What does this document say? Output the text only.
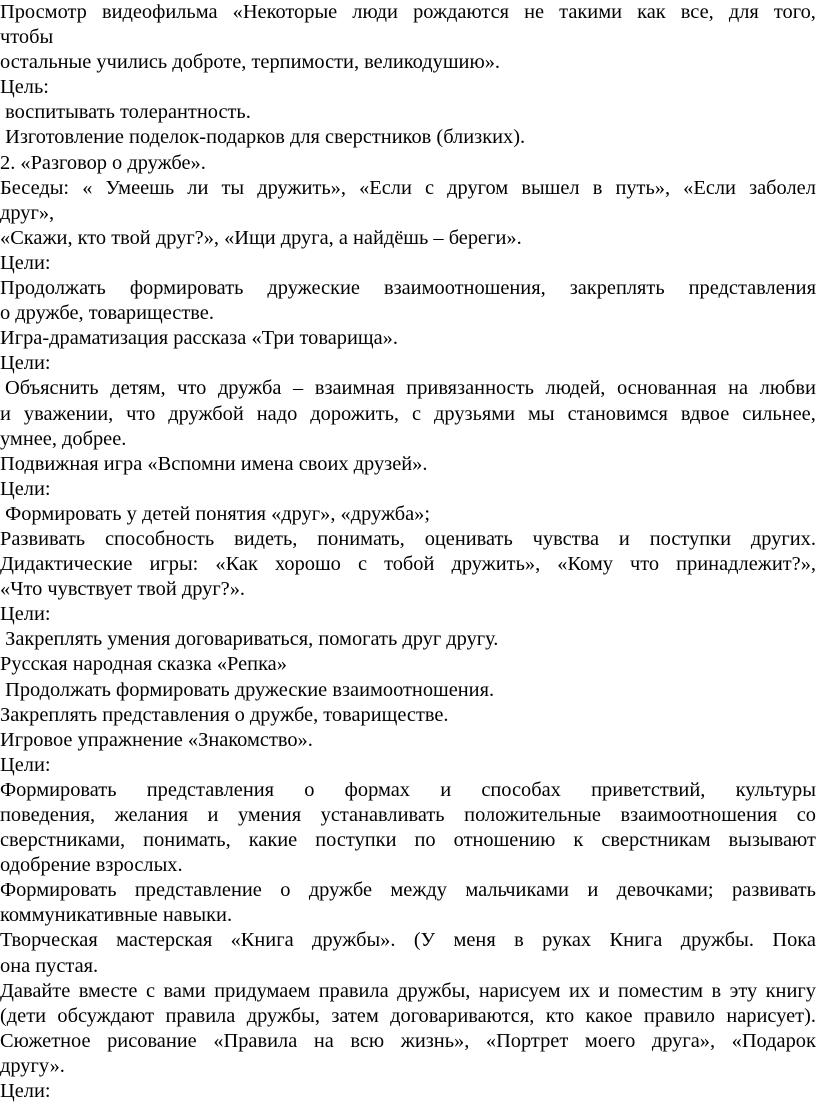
Просмотр видеофильма «Некоторые люди рождаются не такими как все, для того,
чтобы
остальные учились доброте, терпимости, великодушию».
Цель:
воспитывать толерантность.
Изготовление поделок-подарков для сверстников (близких).
2. «Разговор о дружбе».
Беседы: « Умеешь ли ты дружить», «Если с другом вышел в путь», «Если заболел
друг»,
«Скажи, кто твой друг?», «Ищи друга, а найдёшь – береги».
Цели:
Продолжать формировать дружеские взаимоотношения, закреплять представления
о дружбе, товариществе.
Игра-драматизация рассказа «Три товарища».
Цели:
Объяснить детям, что дружба – взаимная привязанность людей, основанная на любви
и уважении, что дружбой надо дорожить, с друзьями мы становимся вдвое сильнее,
умнее, добрее.
Подвижная игра «Вспомни имена своих друзей».
Цели:
Формировать у детей понятия «друг», «дружба»;
Развивать способность видеть, понимать, оценивать чувства и поступки других.
Дидактические игры: «Как хорошо с тобой дружить», «Кому что принадлежит?»,
«Что чувствует твой друг?».
Цели:
Закреплять умения договариваться, помогать друг другу.
Русская народная сказка «Репка»
Продолжать формировать дружеские взаимоотношения.
Закреплять представления о дружбе, товариществе.
Игровое упражнение «Знакомство».
Цели:
Формировать представления о формах и способах приветствий, культуры
поведения, желания и умения устанавливать положительные взаимоотношения со
сверстниками, понимать, какие поступки по отношению к сверстникам вызывают
одобрение взрослых.
Формировать представление о дружбе между мальчиками и девочками; развивать
коммуникативные навыки.
Творческая мастерская «Книга дружбы». (У меня в руках Книга дружбы. Пока
она пустая.
Давайте вместе с вами придумаем правила дружбы, нарисуем их и поместим в эту книгу
(дети обсуждают правила дружбы, затем договариваются, кто какое правило нарисует).
Сюжетное рисование «Правила на всю жизнь», «Портрет моего друга», «Подарок
другу».
Цели:
